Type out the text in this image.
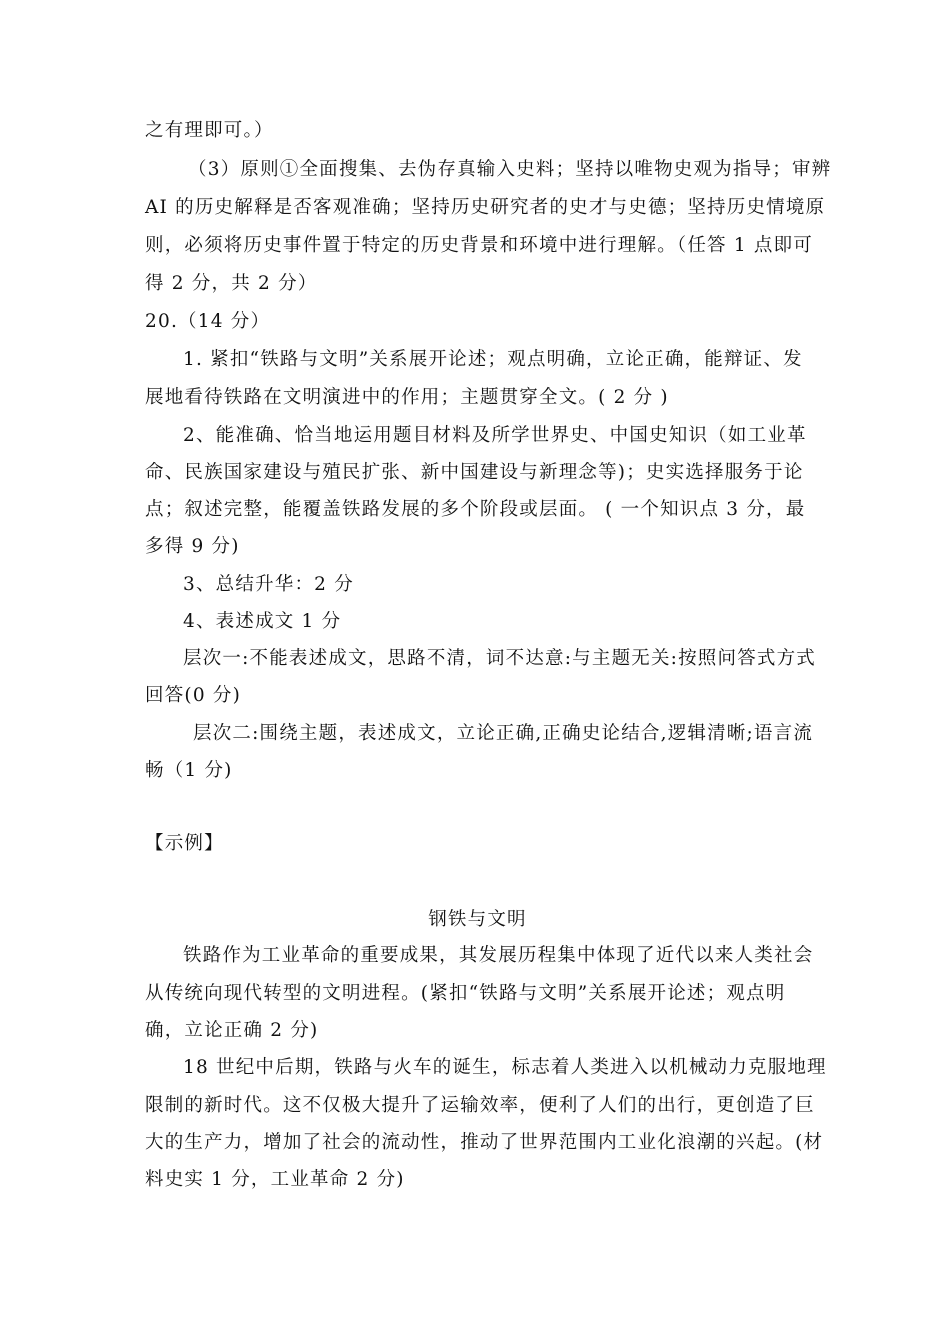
之有理即可。）
（3）原则①全面搜集、去伪存真输入史料；坚持以唯物史观为指导；审辨
AI 的历史解释是否客观准确；坚持历史研究者的史才与史德；坚持历史情境原
则，必须将历史事件置于特定的历史背景和环境中进行理解。（任答 1 点即可
得 2 分，共 2 分）
20.（14 分）
1. 紧扣“铁路与文明”关系展开论述；观点明确，立论正确，能辩证、发
展地看待铁路在文明演进中的作用；主题贯穿全文。( 2 分 )
2、能准确、恰当地运用题目材料及所学世界史、中国史知识（如工业革
命、民族国家建设与殖民扩张、新中国建设与新理念等)；史实选择服务于论
点；叙述完整，能覆盖铁路发展的多个阶段或层面。 ( 一个知识点 3 分，最
多得 9 分)
3、总结升华：2 分
4、表述成文 1 分
层次一:不能表述成文，思路不清，词不达意:与主题无关:按照问答式方式
回答(0 分)
层次二:围绕主题，表述成文，立论正确,正确史论结合,逻辑清晰;语言流
畅（1 分)
【示例】
钢铁与文明
铁路作为工业革命的重要成果，其发展历程集中体现了近代以来人类社会
从传统向现代转型的文明进程。(紧扣“铁路与文明”关系展开论述；观点明
确，立论正确 2 分)
18 世纪中后期，铁路与火车的诞生，标志着人类进入以机械动力克服地理
限制的新时代。这不仅极大提升了运输效率，便利了人们的出行，更创造了巨
大的生产力，增加了社会的流动性，推动了世界范围内工业化浪潮的兴起。(材
料史实 1 分，工业革命 2 分)
